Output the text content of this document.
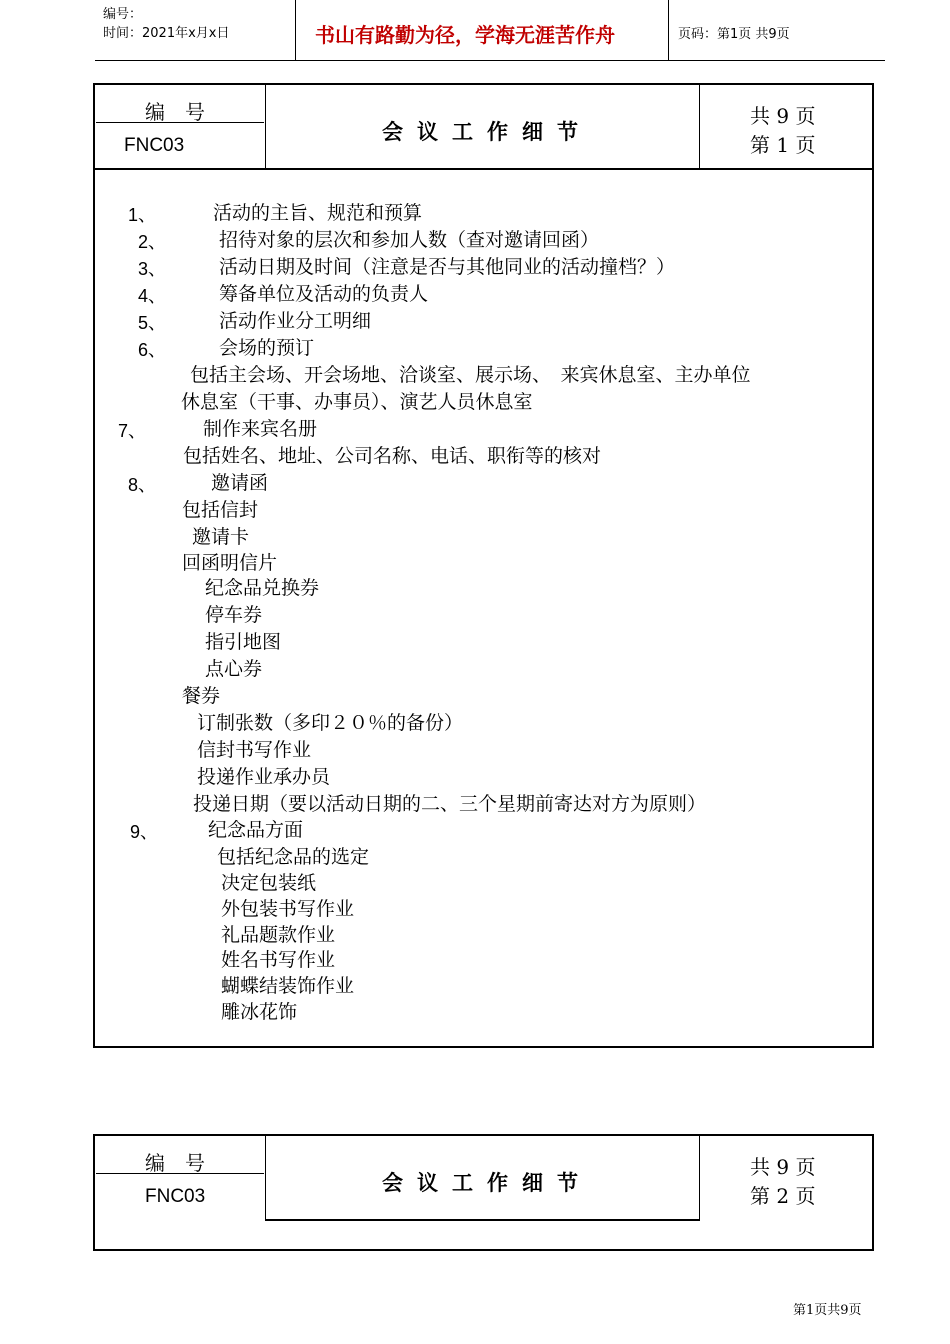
编号：
时间：2021年x月x日	书山有路勤为径，学海无涯苦作舟	页码：第1页 共9页
编　号
FNC03
会议工作细节
共 9 页
第 1 页
1、	活动的主旨、规范和预算
2、	招待对象的层次和参加人数（查对邀请回函）
3、	活动日期及时间（注意是否与其他同业的活动撞档？）
4、	筹备单位及活动的负责人
5、	活动作业分工明细
6、	会场的预订
包括主会场、开会场地、洽谈室、展示场、　来宾休息室、主办单位
休息室（干事、办事员）、演艺人员休息室
7、	制作来宾名册
包括姓名、地址、公司名称、电话、职衔等的核对
8、	邀请函
包括信封
邀请卡
回函明信片
纪念品兑换券
停车券
指引地图
点心券
餐券
订制张数（多印２０％的备份）
信封书写作业
投递作业承办员
投递日期（要以活动日期的二、三个星期前寄达对方为原则）
9、	纪念品方面
包括纪念品的选定
决定包装纸
外包装书写作业
礼品题款作业
姓名书写作业
蝴蝶结装饰作业
雕冰花饰
编　号
FNC03
会议工作细节
共 9 页
第 2 页
第1页共9页
